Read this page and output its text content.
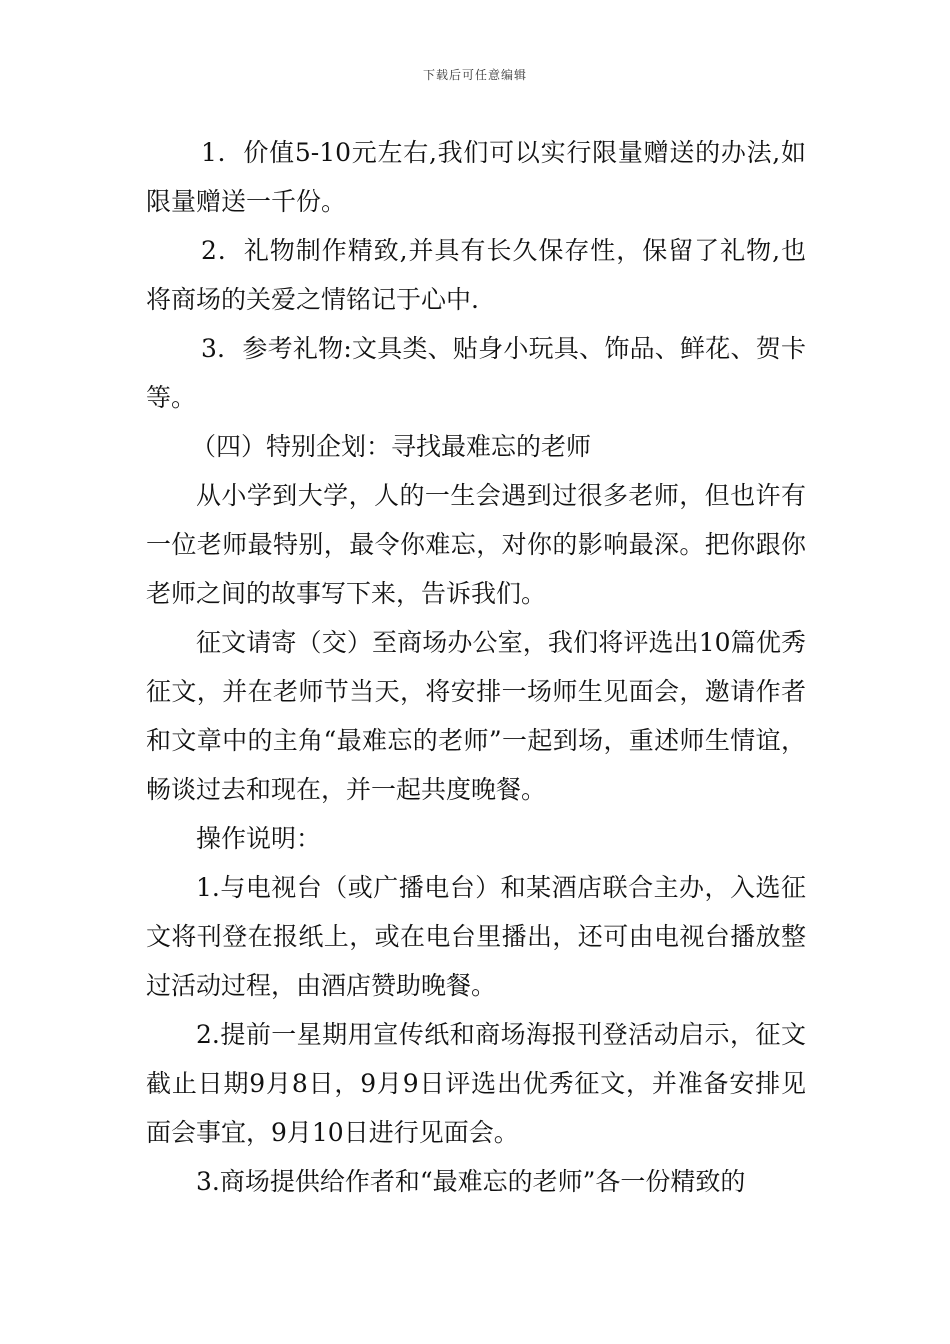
下载后可任意编辑

1．价值5-10元左右,我们可以实行限量赠送的办法,如限量赠送一千份。

2．礼物制作精致,并具有长久保存性，保留了礼物,也将商场的关爱之情铭记于心中.

3．参考礼物:文具类、贴身小玩具、饰品、鲜花、贺卡等。

（四）特别企划：寻找最难忘的老师

从小学到大学，人的一生会遇到过很多老师，但也许有一位老师最特别，最令你难忘，对你的影响最深。把你跟你老师之间的故事写下来，告诉我们。

征文请寄（交）至商场办公室，我们将评选出10篇优秀征文，并在老师节当天，将安排一场师生见面会，邀请作者和文章中的主角“最难忘的老师”一起到场，重述师生情谊，畅谈过去和现在，并一起共度晚餐。

操作说明：

1.与电视台（或广播电台）和某酒店联合主办，入选征文将刊登在报纸上，或在电台里播出，还可由电视台播放整过活动过程，由酒店赞助晚餐。

2.提前一星期用宣传纸和商场海报刊登活动启示，征文截止日期9月8日，9月9日评选出优秀征文，并准备安排见面会事宜，9月10日进行见面会。

3.商场提供给作者和“最难忘的老师”各一份精致的
